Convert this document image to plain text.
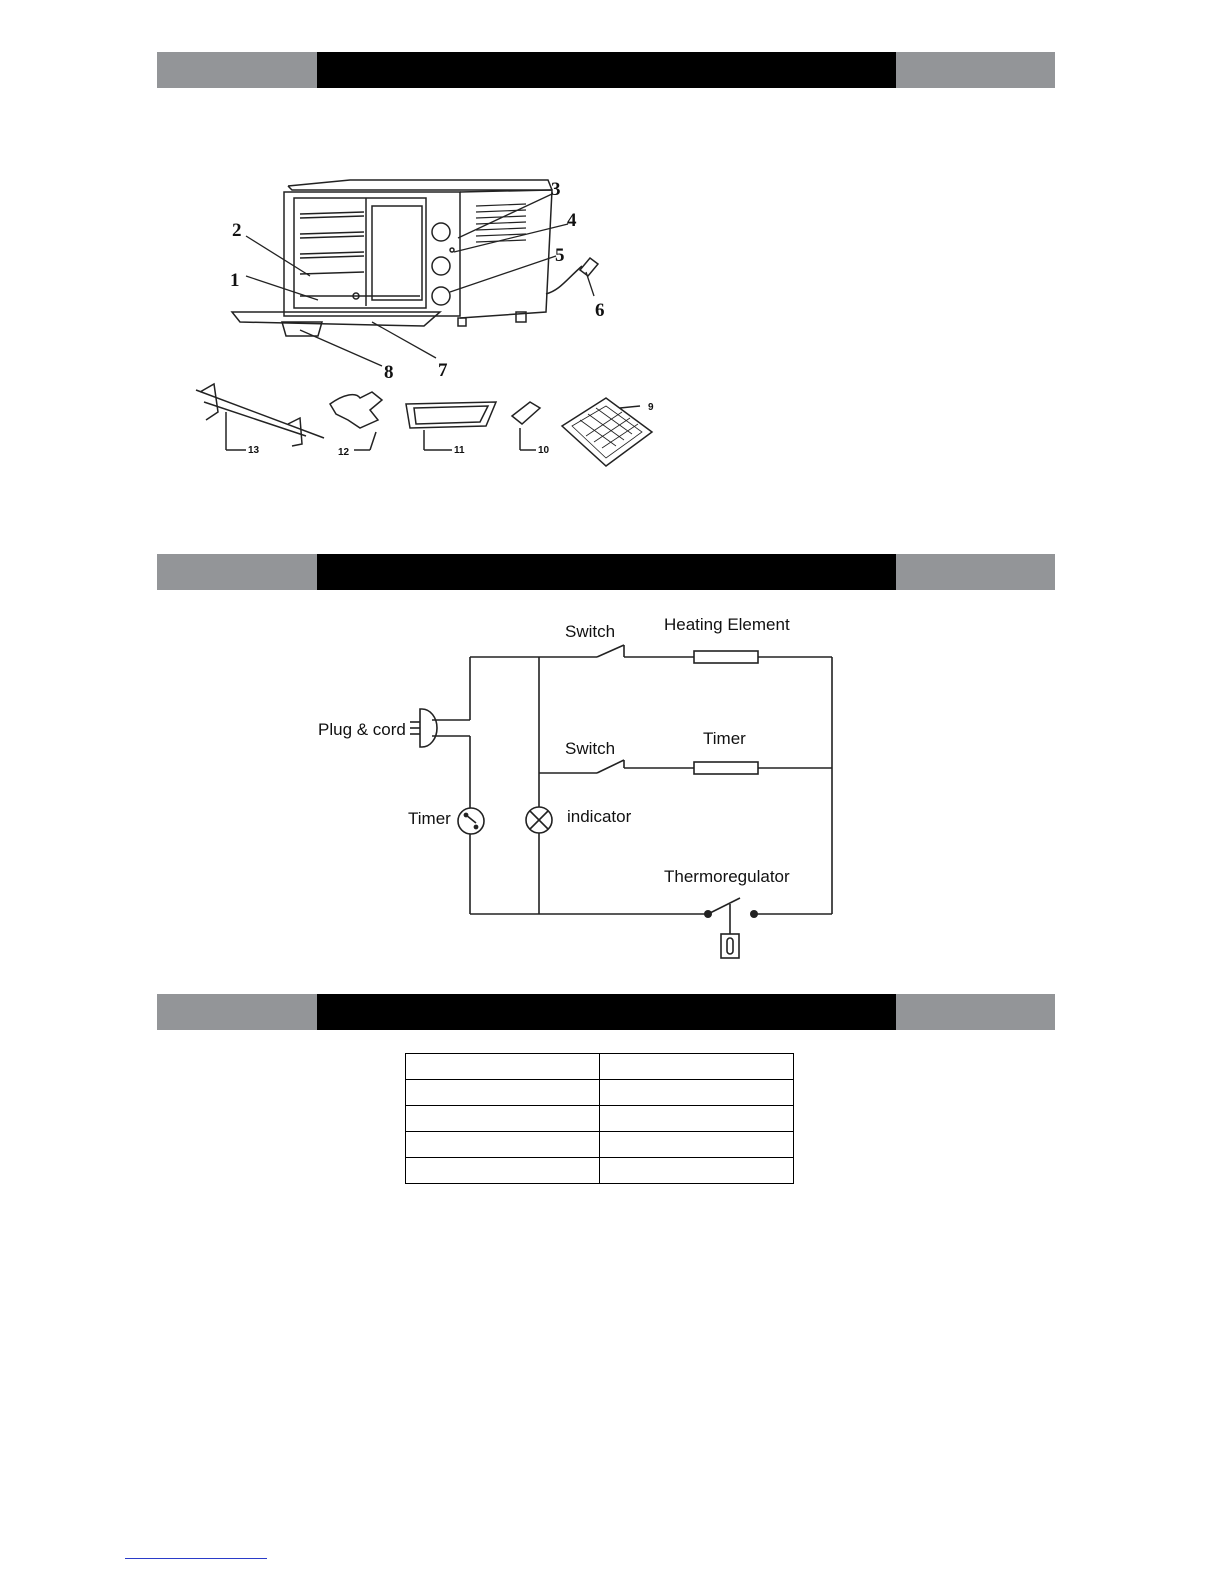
1
2
3
4
5
6
7
8
9
10
11
12
13
Switch	Heating Element
Plug & cord
Switch
Timer
Timer	indicator
Thermoregulator
